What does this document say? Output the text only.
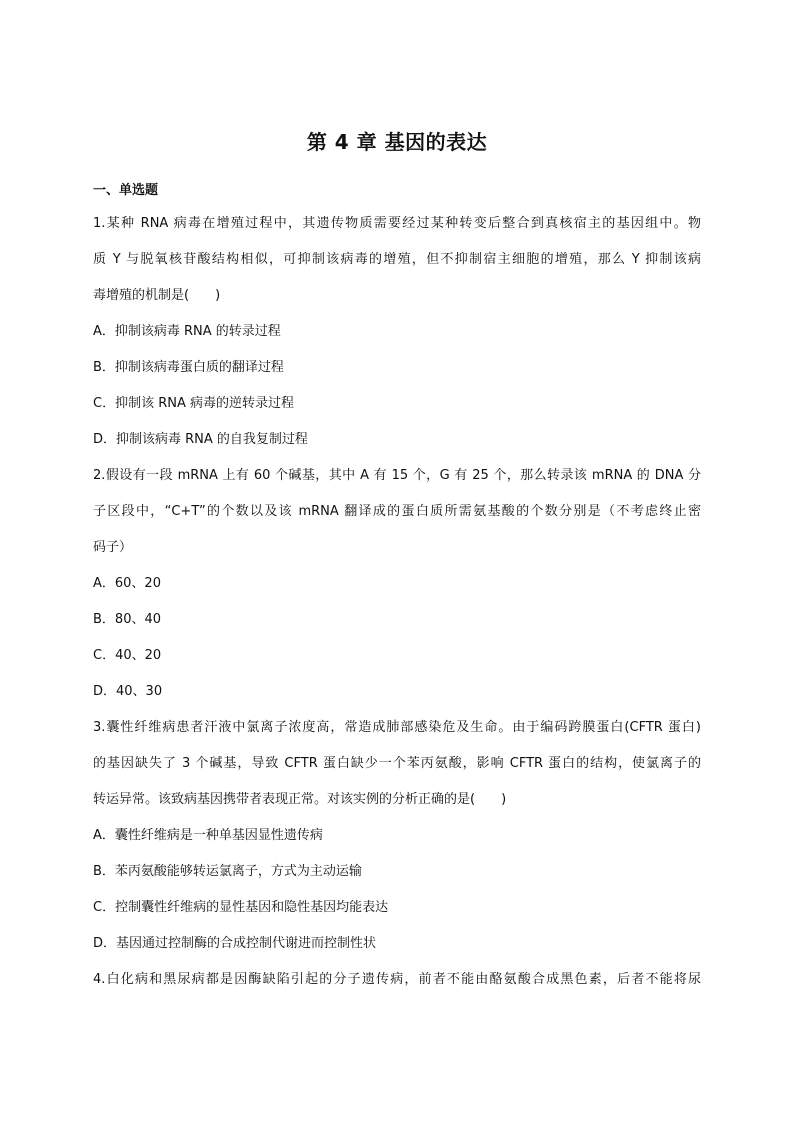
第 4 章 基因的表达
一、单选题
1.某种 RNA 病毒在增殖过程中，其遗传物质需要经过某种转变后整合到真核宿主的基因组中。物
质 Y 与脱氧核苷酸结构相似，可抑制该病毒的增殖，但不抑制宿主细胞的增殖，那么 Y 抑制该病
毒增殖的机制是(　　)
A．抑制该病毒 RNA 的转录过程
B．抑制该病毒蛋白质的翻译过程
C．抑制该 RNA 病毒的逆转录过程
D．抑制该病毒 RNA 的自我复制过程
2.假设有一段 mRNA 上有 60 个碱基，其中 A 有 15 个，G 有 25 个，那么转录该 mRNA 的 DNA 分
子区段中，“C+T”的个数以及该 mRNA 翻译成的蛋白质所需氨基酸的个数分别是（不考虑终止密
码子）
A．60、20
B．80、40
C．40、20
D．40、30
3.囊性纤维病患者汗液中氯离子浓度高，常造成肺部感染危及生命。由于编码跨膜蛋白(CFTR 蛋白)
的基因缺失了 3 个碱基，导致 CFTR 蛋白缺少一个苯丙氨酸，影响 CFTR 蛋白的结构，使氯离子的
转运异常。该致病基因携带者表现正常。对该实例的分析正确的是(　　)
A．囊性纤维病是一种单基因显性遗传病
B．苯丙氨酸能够转运氯离子，方式为主动运输
C．控制囊性纤维病的显性基因和隐性基因均能表达
D．基因通过控制酶的合成控制代谢进而控制性状
4.白化病和黑尿病都是因酶缺陷引起的分子遗传病，前者不能由酪氨酸合成黑色素，后者不能将尿
